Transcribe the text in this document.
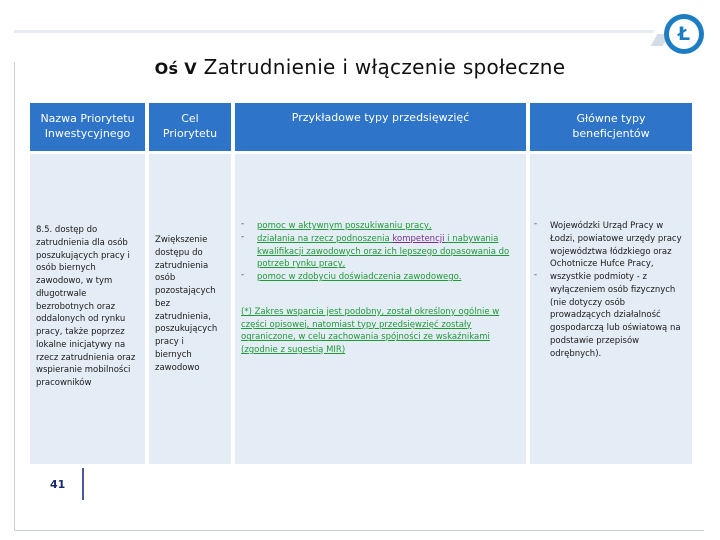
Ł
Oś V Zatrudnienie i włączenie społeczne
Nazwa Priorytetu
Inwestycyjnego
Cel
Priorytetu
Przykładowe typy przedsięwzięć	Główne typy
beneficjentów
8.5. dostęp do
zatrudnienia dla osób
poszukujących pracy i
osób biernych
zawodowo, w tym
długotrwale
bezrobotnych oraz
oddalonych od rynku
pracy, także poprzez
lokalne inicjatywy na
rzecz zatrudnienia oraz
wspieranie mobilności
pracowników
Zwiększenie
dostępu do
zatrudnienia
osób
pozostających
bez
zatrudnienia,
poszukujących
pracy i biernych
zawodowo
- pomoc w aktywnym poszukiwaniu pracy,
- działania na rzecz podnoszenia kompetencji i nabywania kwalifikacji zawodowych oraz ich lepszego dopasowania do potrzeb rynku pracy,
- pomoc w zdobyciu doświadczenia zawodowego.
(*) Zakres wsparcia jest podobny, został określony ogólnie w części opisowej, natomiast typy przedsięwzięć zostały ograniczone, w celu zachowania spójności ze wskaźnikami (zgodnie z sugestią MIR)
- Wojewódzki Urząd Pracy w Łodzi, powiatowe urzędy pracy województwa łódzkiego oraz Ochotnicze Hufce Pracy,
- wszystkie podmioty - z wyłączeniem osób fizycznych (nie dotyczy osób prowadzących działalność gospodarczą lub oświatową na podstawie przepisów odrębnych).
41
